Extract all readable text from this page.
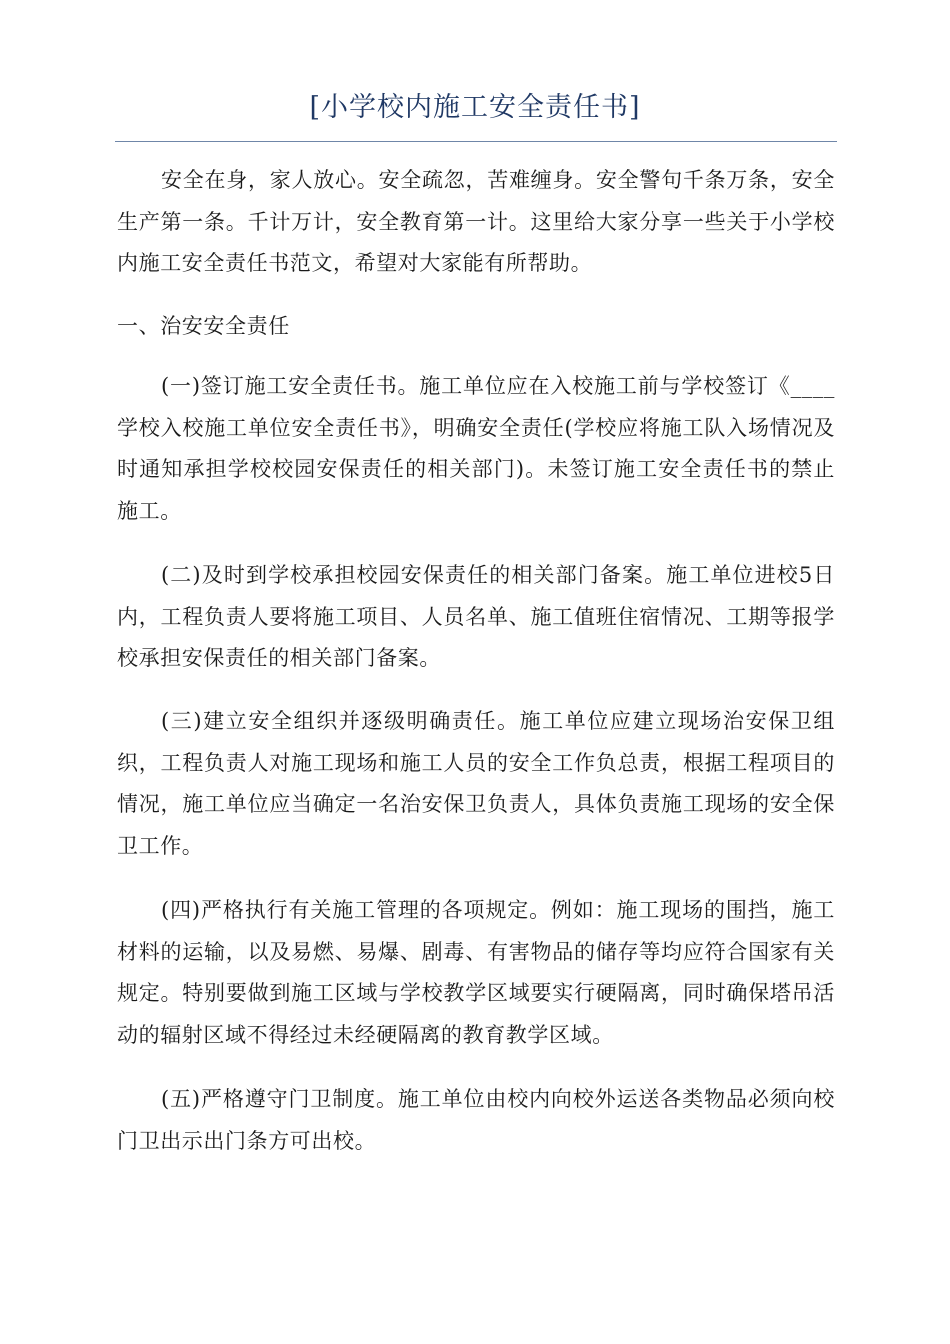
[小学校内施工安全责任书]

安全在身，家人放心。安全疏忽，苦难缠身。安全警句千条万条，安全生产第一条。千计万计，安全教育第一计。这里给大家分享一些关于小学校内施工安全责任书范文，希望对大家能有所帮助。

一、治安安全责任

(一)签订施工安全责任书。施工单位应在入校施工前与学校签订《____学校入校施工单位安全责任书》，明确安全责任(学校应将施工队入场情况及时通知承担学校校园安保责任的相关部门)。未签订施工安全责任书的禁止施工。

(二)及时到学校承担校园安保责任的相关部门备案。施工单位进校5日内，工程负责人要将施工项目、人员名单、施工值班住宿情况、工期等报学校承担安保责任的相关部门备案。

(三)建立安全组织并逐级明确责任。施工单位应建立现场治安保卫组织，工程负责人对施工现场和施工人员的安全工作负总责，根据工程项目的情况，施工单位应当确定一名治安保卫负责人，具体负责施工现场的安全保卫工作。

(四)严格执行有关施工管理的各项规定。例如：施工现场的围挡，施工材料的运输，以及易燃、易爆、剧毒、有害物品的储存等均应符合国家有关规定。特别要做到施工区域与学校教学区域要实行硬隔离，同时确保塔吊活动的辐射区域不得经过未经硬隔离的教育教学区域。

(五)严格遵守门卫制度。施工单位由校内向校外运送各类物品必须向校门卫出示出门条方可出校。
